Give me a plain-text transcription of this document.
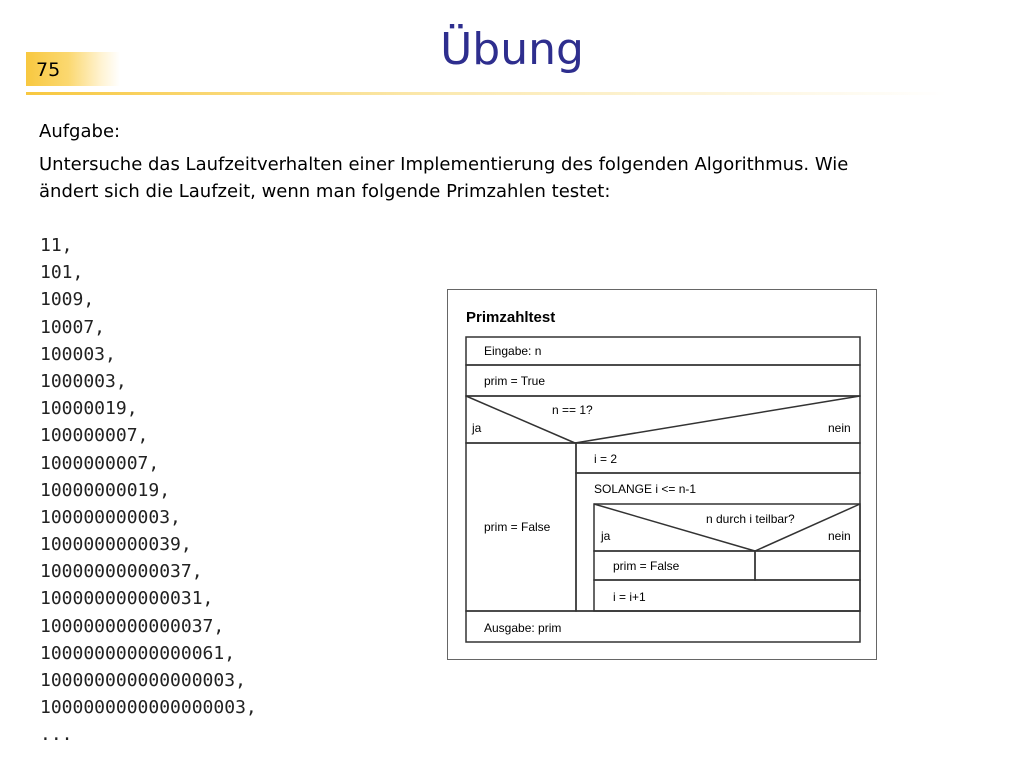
75	Übung
Aufgabe:
Untersuche das Laufzeitverhalten einer Implementierung des folgenden Algorithmus. Wie
ändert sich die Laufzeit, wenn man folgende Primzahlen testet:
11,
101,
1009,
10007,
100003,
1000003,
10000019,
100000007,
1000000007,
10000000019,
100000000003,
1000000000039,
10000000000037,
100000000000031,
1000000000000037,
10000000000000061,
100000000000000003,
1000000000000000003,
...
Primzahltest
Eingabe: n
prim = True
n == 1?
ja	nein
prim = False
i = 2
SOLANGE i <= n-1
n durch i teilbar?
ja	nein
prim = False
i = i+1
Ausgabe: prim
